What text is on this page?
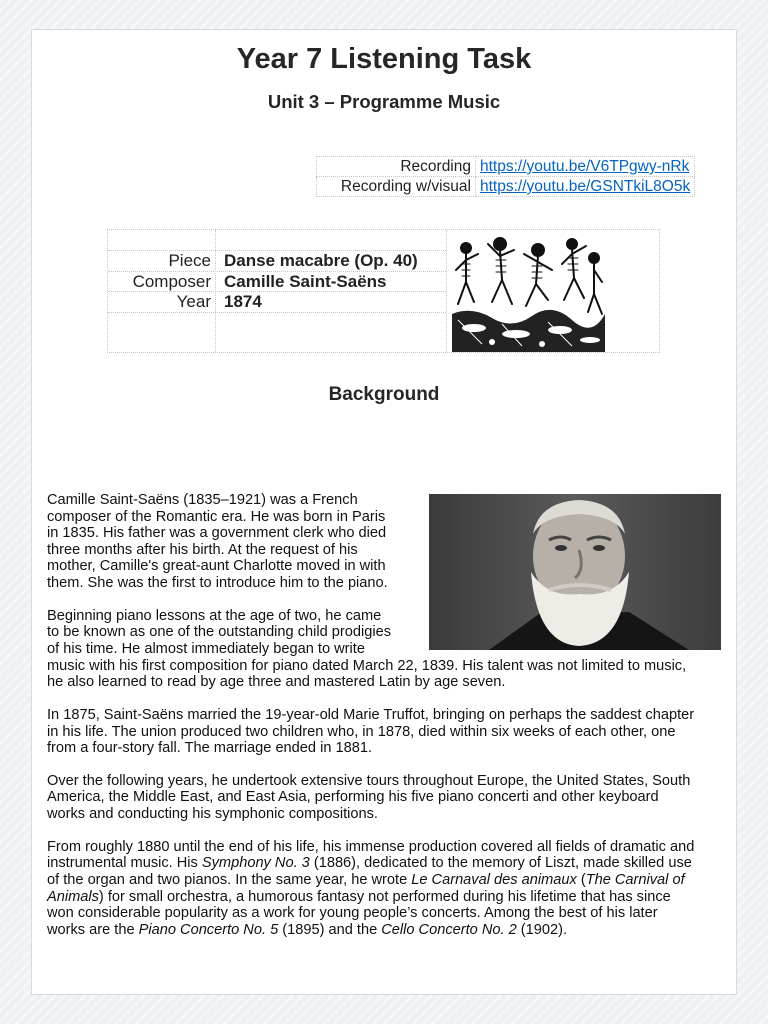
Year 7 Listening Task
Unit 3 – Programme Music
Recording	https://youtu.be/V6TPgwy-nRk
Recording w/visual	https://youtu.be/GSNTkiL8O5k
Piece Danse macabre (Op. 40)
Composer Camille Saint-Saëns
Year 1874
Background

Camille Saint-Saëns (1835–1921) was a French composer of the Romantic era. He was born in Paris in 1835. His father was a government clerk who died three months after his birth. At the request of his mother, Camille's great-aunt Charlotte moved in with them. She was the first to introduce him to the piano.

Beginning piano lessons at the age of two, he came to be known as one of the outstanding child prodigies of his time. He almost immediately began to write music with his first composition for piano dated March 22, 1839. His talent was not limited to music, he also learned to read by age three and mastered Latin by age seven.

In 1875, Saint-Saëns married the 19-year-old Marie Truffot, bringing on perhaps the saddest chapter in his life. The union produced two children who, in 1878, died within six weeks of each other, one from a four-story fall. The marriage ended in 1881.

Over the following years, he undertook extensive tours throughout Europe, the United States, South America, the Middle East, and East Asia, performing his five piano concerti and other keyboard works and conducting his symphonic compositions.

From roughly 1880 until the end of his life, his immense production covered all fields of dramatic and instrumental music. His Symphony No. 3 (1886), dedicated to the memory of Liszt, made skilled use of the organ and two pianos. In the same year, he wrote Le Carnaval des animaux (The Carnival of Animals) for small orchestra, a humorous fantasy not performed during his lifetime that has since won considerable popularity as a work for young people’s concerts. Among the best of his later works are the Piano Concerto No. 5 (1895) and the Cello Concerto No. 2 (1902).
